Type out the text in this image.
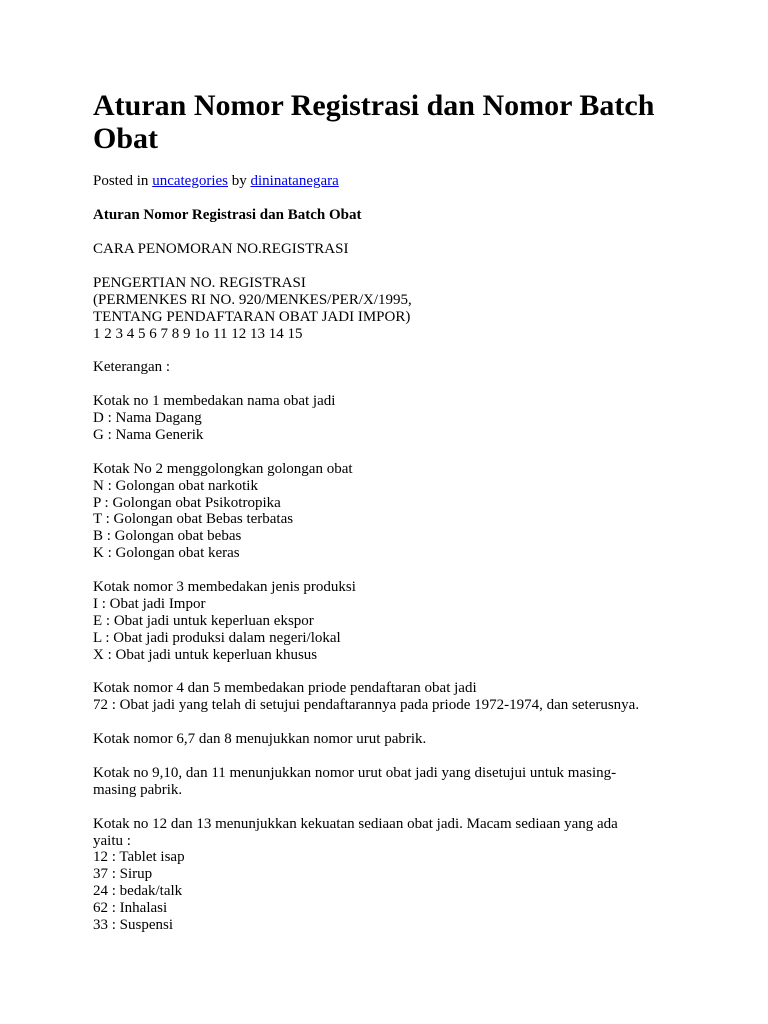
Aturan Nomor Registrasi dan Nomor Batch Obat
Posted in uncategories by dininatanegara
Aturan Nomor Registrasi dan Batch Obat
CARA PENOMORAN NO.REGISTRASI
PENGERTIAN NO. REGISTRASI
(PERMENKES RI NO. 920/MENKES/PER/X/1995,
TENTANG PENDAFTARAN OBAT JADI IMPOR)
1 2 3 4 5 6 7 8 9 1o 11 12 13 14 15
Keterangan :
Kotak no 1 membedakan nama obat jadi
D : Nama Dagang
G : Nama Generik
Kotak No 2 menggolongkan golongan obat
N : Golongan obat narkotik
P : Golongan obat Psikotropika
T : Golongan obat Bebas terbatas
B : Golongan obat bebas
K : Golongan obat keras
Kotak nomor 3 membedakan jenis produksi
I : Obat jadi Impor
E : Obat jadi untuk keperluan ekspor
L : Obat jadi produksi dalam negeri/lokal
X : Obat jadi untuk keperluan khusus
Kotak nomor 4 dan 5 membedakan priode pendaftaran obat jadi
72 : Obat jadi yang telah di setujui pendaftarannya pada priode 1972-1974, dan seterusnya.
Kotak nomor 6,7 dan 8 menujukkan nomor urut pabrik.
Kotak no 9,10, dan 11 menunjukkan nomor urut obat jadi yang disetujui untuk masing-
masing pabrik.
Kotak no 12 dan 13 menunjukkan kekuatan sediaan obat jadi. Macam sediaan yang ada
yaitu :
12 : Tablet isap
37 : Sirup
24 : bedak/talk
62 : Inhalasi
33 : Suspensi
